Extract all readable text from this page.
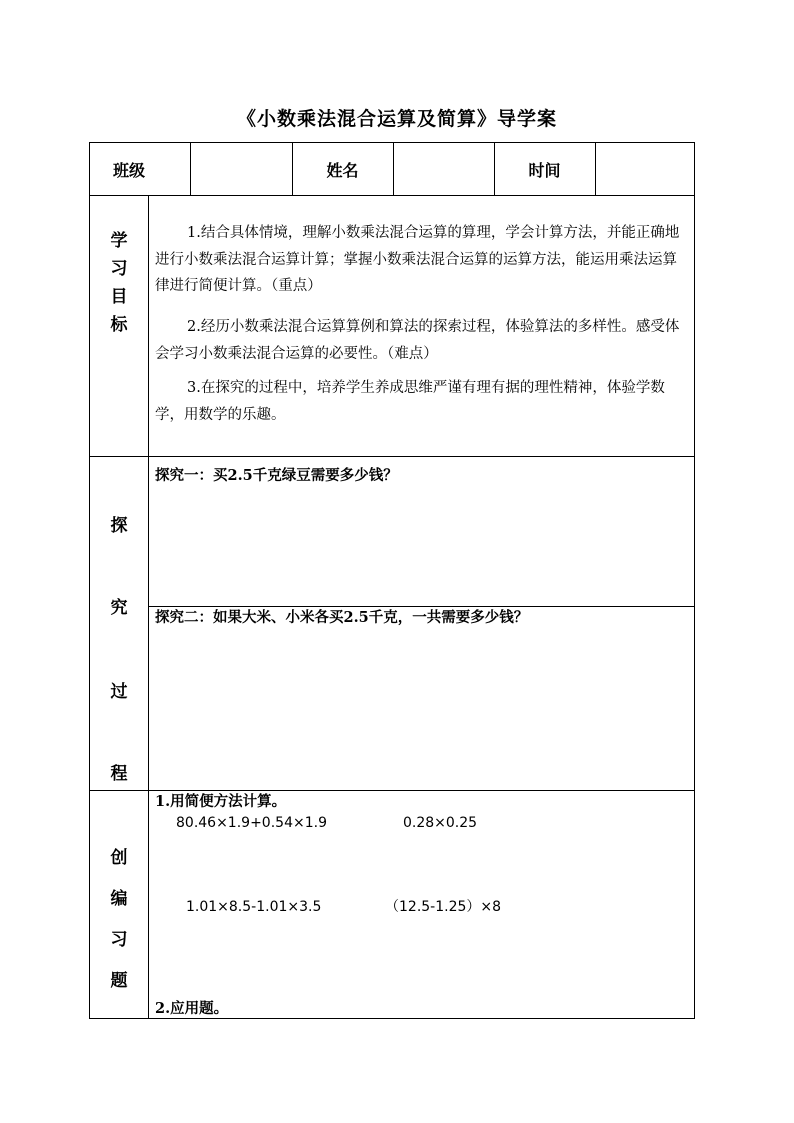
《小数乘法混合运算及简算》导学案
班级	姓名	时间
学
习
目
标
1.结合具体情境，理解小数乘法混合运算的算理，学会计算方法，并能正确地进行小数乘法混合运算计算；掌握小数乘法混合运算的运算方法，能运用乘法运算律进行简便计算。（重点）
2.经历小数乘法混合运算算例和算法的探索过程，体验算法的多样性。感受体会学习小数乘法混合运算的必要性。（难点）
3.在探究的过程中，培养学生养成思维严谨有理有据的理性精神，体验学数学，用数学的乐趣。
探
究
过
程
探究一：买2.5千克绿豆需要多少钱？
探究二：如果大米、小米各买2.5千克，一共需要多少钱？
创
编
习
题
1.用简便方法计算。
80.46×1.9+0.54×1.9	0.28×0.25
1.01×8.5-1.01×3.5	（12.5-1.25）×8
2.应用题。
